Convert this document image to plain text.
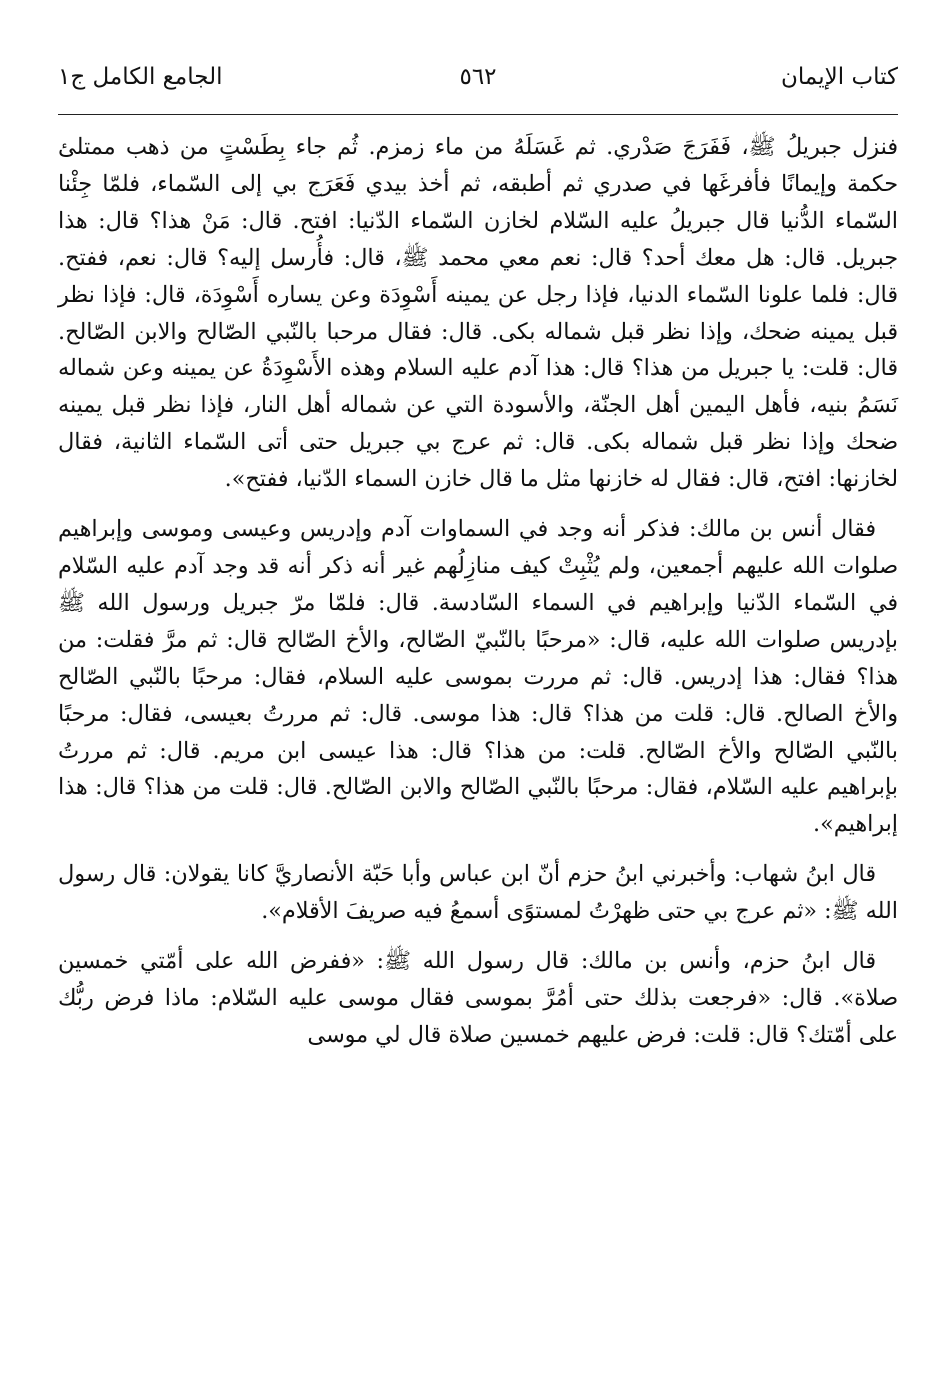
كتاب الإيمان
٥٦٢
الجامع الكامل ج١

فنزل جبريلُ ﷺ، فَفَرَجَ صَدْري. ثم غَسَلَهُ من ماء زمزم. ثُم جاء بِطَسْتٍ من ذهب ممتلئ حكمة وإيمانًا فأفرغَها في صدري ثم أطبقه، ثم أخذ بيدي فَعَرَج بي إلى السّماء، فلمّا جِئْنا السّماء الدُّنيا قال جبريلُ عليه السّلام لخازن السّماء الدّنيا: افتح. قال: مَنْ هذا؟ قال: هذا جبريل. قال: هل معك أحد؟ قال: نعم معي محمد ﷺ، قال: فأُرسل إليه؟ قال: نعم، ففتح. قال: فلما علونا السّماء الدنيا، فإذا رجل عن يمينه أَسْوِدَة وعن يساره أَسْوِدَة، قال: فإذا نظر قبل يمينه ضحك، وإذا نظر قبل شماله بكى. قال: فقال مرحبا بالنّبي الصّالح والابن الصّالح. قال: قلت: يا جبريل من هذا؟ قال: هذا آدم عليه السلام وهذه الأَسْوِدَةُ عن يمينه وعن شماله نَسَمُ بنيه، فأهل اليمين أهل الجنّة، والأسودة التي عن شماله أهل النار، فإذا نظر قبل يمينه ضحك وإذا نظر قبل شماله بكى. قال: ثم عرج بي جبريل حتى أتى السّماء الثانية، فقال لخازنها: افتح، قال: فقال له خازنها مثل ما قال خازن السماء الدّنيا، ففتح».

فقال أنس بن مالك: فذكر أنه وجد في السماوات آدم وإدريس وعيسى وموسى وإبراهيم صلوات الله عليهم أجمعين، ولم يُثْبِتْ كيف منازِلُهم غير أنه ذكر أنه قد وجد آدم عليه السّلام في السّماء الدّنيا وإبراهيم في السماء السّادسة. قال: فلمّا مرّ جبريل ورسول الله ﷺ بإدريس صلوات الله عليه، قال: «مرحبًا بالنّبيّ الصّالح، والأخ الصّالح قال: ثم مرَّ فقلت: من هذا؟ فقال: هذا إدريس. قال: ثم مررت بموسى عليه السلام، فقال: مرحبًا بالنّبي الصّالح والأخ الصالح. قال: قلت من هذا؟ قال: هذا موسى. قال: ثم مررتُ بعيسى، فقال: مرحبًا بالنّبي الصّالح والأخ الصّالح. قلت: من هذا؟ قال: هذا عيسى ابن مريم. قال: ثم مررتُ بإبراهيم عليه السّلام، فقال: مرحبًا بالنّبي الصّالح والابن الصّالح. قال: قلت من هذا؟ قال: هذا إبراهيم».

قال ابنُ شهاب: وأخبرني ابنُ حزم أنّ ابن عباس وأبا حَبّة الأنصاريَّ كانا يقولان: قال رسول الله ﷺ: «ثم عرج بي حتى ظهرْتُ لمستوًى أسمعُ فيه صريفَ الأقلام».

قال ابنُ حزم، وأنس بن مالك: قال رسول الله ﷺ: «ففرض الله على أمّتي خمسين صلاة». قال: «فرجعت بذلك حتى أمُرَّ بموسى فقال موسى عليه السّلام: ماذا فرض ربُّك على أمّتك؟ قال: قلت: فرض عليهم خمسين صلاة قال لي موسى
